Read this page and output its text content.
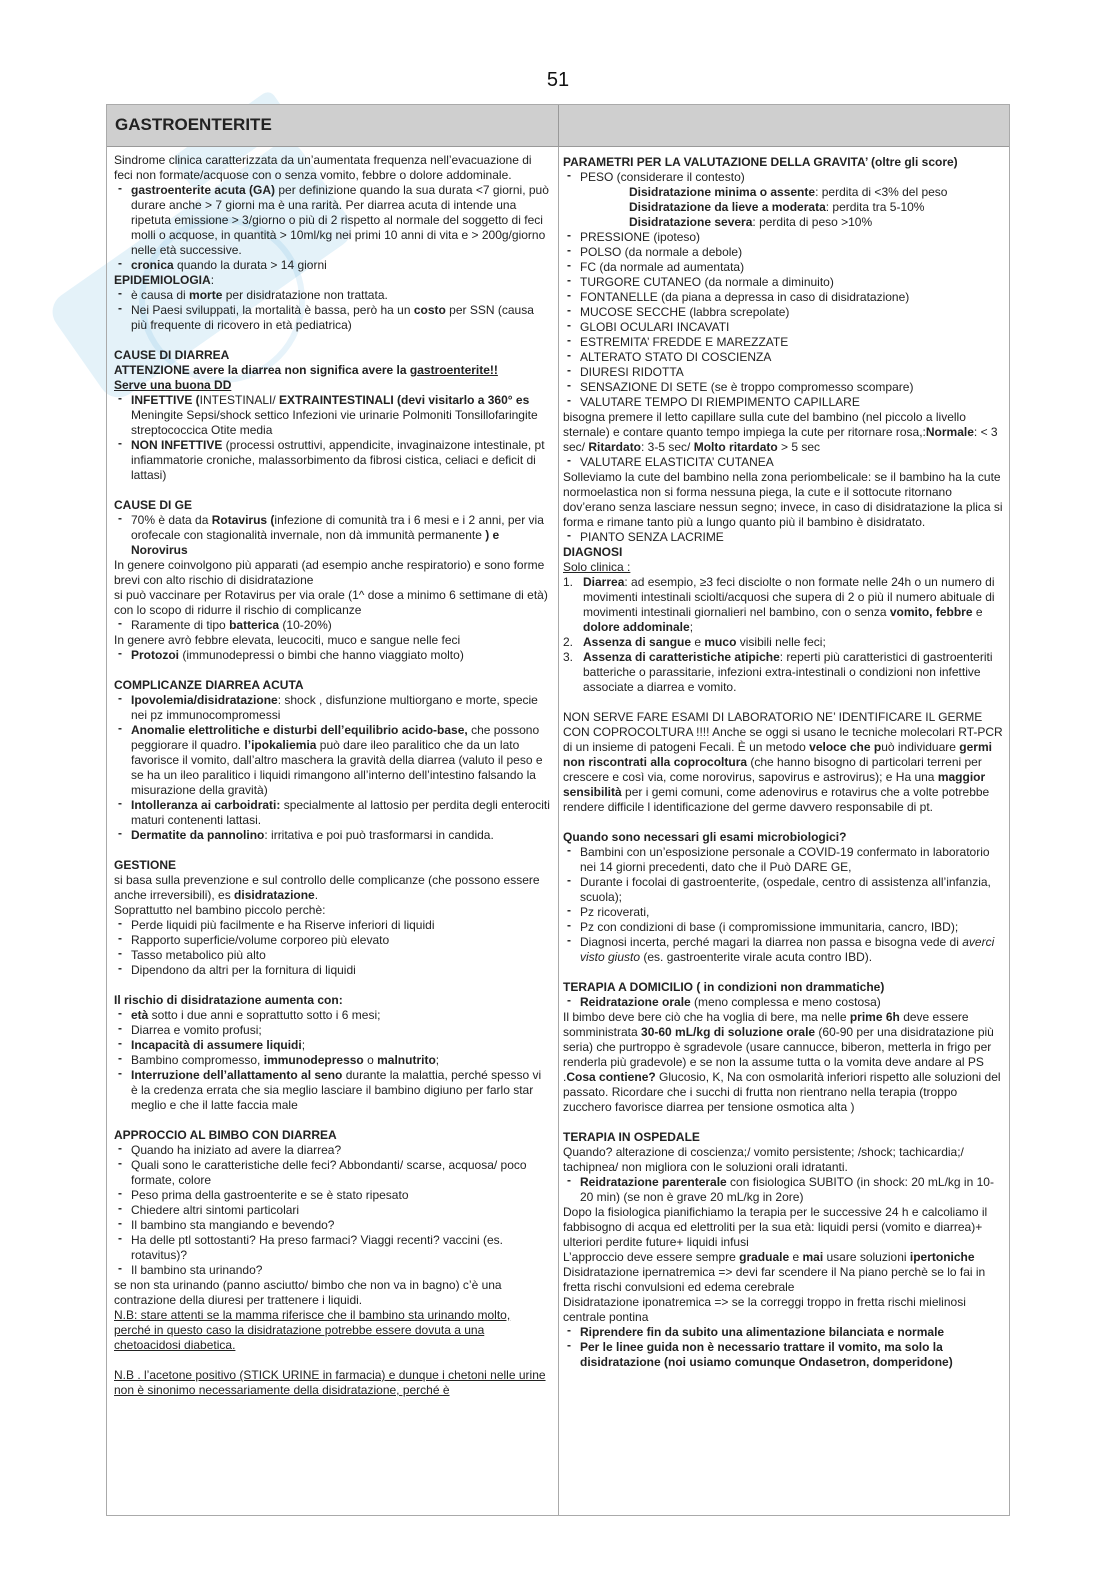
51
GASTROENTERITE

Sindrome clinica caratterizzata da un’aumentata frequenza nell’evacuazione di feci non formate/acquose con o senza vomito, febbre o dolore addominale.

- gastroenterite acuta (GA) per definizione quando la sua durata <7 giorni, può durare anche > 7 giorni ma è una rarità. Per diarrea acuta di intende una ripetuta emissione > 3/giorno o più di 2 rispetto al normale del soggetto di feci molli o acquose, in quantità > 10ml/kg nei primi 10 anni di vita e > 200g/giorno nelle età successive.
- cronica quando la durata > 14 giorni
EPIDEMIOLOGIA:
- è causa di morte per disidratazione non trattata.
- Nei Paesi sviluppati, la mortalità è bassa, però ha un costo per SSN (causa più frequente di ricovero in età pediatrica)
CAUSE DI DIARREA
ATTENZIONE avere la diarrea non significa avere la gastroenterite!!
Serve una buona DD
- INFETTIVE (INTESTINALI/ EXTRAINTESTINALI (devi visitarlo a 360° es Meningite Sepsi/shock settico Infezioni vie urinarie Polmoniti Tonsillofaringite streptococcica Otite media
- NON INFETTIVE (processi ostruttivi, appendicite, invaginaizone intestinale, pt infiammatorie croniche, malassorbimento da fibrosi cistica, celiaci e deficit di lattasi)
CAUSE DI GE
- 70% è data da Rotavirus (infezione di comunità tra i 6 mesi e i 2 anni, per via orofecale con stagionalità invernale, non dà immunità permanente ) e Norovirus

In genere coinvolgono più apparati (ad esempio anche respiratorio) e sono forme brevi con alto rischio di disidratazione

si può vaccinare per Rotavirus per via orale (1^ dose a minimo 6 settimane di età) con lo scopo di ridurre il rischio di complicanze

- Raramente di tipo batterica (10-20%)

In genere avrò febbre elevata, leucociti, muco e sangue nelle feci

- Protozoi (immunodepressi o bimbi che hanno viaggiato molto)
COMPLICANZE DIARREA ACUTA
- Ipovolemia/disidratazione: shock , disfunzione multiorgano e morte, specie nei pz immunocompromessi
- Anomalie elettrolitiche e disturbi dell’equilibrio acido-base, che possono peggiorare il quadro. l’ipokaliemia può dare ileo paralitico che da un lato favorisce il vomito, dall’altro maschera la gravità della diarrea (valuto il peso e se ha un ileo paralitico i liquidi rimangono all’interno dell’intestino falsando la misurazione della gravità)
- Intolleranza ai carboidrati: specialmente al lattosio per perdita degli enterociti maturi contenenti lattasi.
- Dermatite da pannolino: irritativa e poi può trasformarsi in candida.
GESTIONE

si basa sulla prevenzione e sul controllo delle complicanze (che possono essere anche irreversibili), es disidratazione.

Soprattutto nel bambino piccolo perchè:

- Perde liquidi più facilmente e ha Riserve inferiori di liquidi
- Rapporto superficie/volume corporeo più elevato
- Tasso metabolico più alto
- Dipendono da altri per la fornitura di liquidi
Il rischio di disidratazione aumenta con:
- età sotto i due anni e soprattutto sotto i 6 mesi;
- Diarrea e vomito profusi;
- Incapacità di assumere liquidi;
- Bambino compromesso, immunodepresso o malnutrito;
- Interruzione dell’allattamento al seno durante la malattia, perché spesso vi è la credenza errata che sia meglio lasciare il bambino digiuno per farlo star meglio e che il latte faccia male
APPROCCIO AL BIMBO CON DIARREA
- Quando ha iniziato ad avere la diarrea?
- Quali sono le caratteristiche delle feci? Abbondanti/ scarse, acquosa/ poco formate, colore
- Peso prima della gastroenterite e se è stato ripesato
- Chiedere altri sintomi particolari
- Il bambino sta mangiando e bevendo?
- Ha delle ptl sottostanti? Ha preso farmaci? Viaggi recenti? vaccini (es. rotavitus)?
- Il bambino sta urinando?

se non sta urinando (panno asciutto/ bimbo che non va in bagno) c’è una contrazione della diuresi per trattenere i liquidi.

N.B: stare attenti se la mamma riferisce che il bambino sta urinando molto, perché in questo caso la disidratazione potrebbe essere dovuta a una chetoacidosi diabetica.

N.B . l’acetone positivo (STICK URINE in farmacia) e dunque i chetoni nelle urine non è sinonimo necessariamente della disidratazione, perché è

PARAMETRI PER LA VALUTAZIONE DELLA GRAVITA’ (oltre gli score)
- PESO (considerare il contesto)
Disidratazione minima o assente: perdita di <3% del peso
Disidratazione da lieve a moderata: perdita tra 5-10%
Disidratazione severa: perdita di peso >10%
- PRESSIONE (ipoteso)
- POLSO (da normale a debole)
- FC (da normale ad aumentata)
- TURGORE CUTANEO (da normale a diminuito)
- FONTANELLE (da piana a depressa in caso di disidratazione)
- MUCOSE SECCHE (labbra screpolate)
- GLOBI OCULARI INCAVATI
- ESTREMITA’ FREDDE E MAREZZATE
- ALTERATO STATO DI COSCIENZA
- DIURESI RIDOTTA
- SENSAZIONE DI SETE (se è troppo compromesso scompare)
- VALUTARE TEMPO DI RIEMPIMENTO CAPILLARE

bisogna premere il letto capillare sulla cute del bambino (nel piccolo a livello sternale) e contare quanto tempo impiega la cute per ritornare rosa,:Normale: < 3 sec/ Ritardato: 3-5 sec/ Molto ritardato > 5 sec

- VALUTARE ELASTICITA’ CUTANEA

Solleviamo la cute del bambino nella zona periombelicale: se il bambino ha la cute normoelastica non si forma nessuna piega, la cute e il sottocute ritornano dov’erano senza lasciare nessun segno; invece, in caso di disidratazione la plica si forma e rimane tanto più a lungo quanto più il bambino è disidratato.

- PIANTO SENZA LACRIME
DIAGNOSI

Solo clinica :

1. Diarrea: ad esempio, ≥3 feci disciolte o non formate nelle 24h o un numero di movimenti intestinali sciolti/acquosi che supera di 2 o più il numero abituale di movimenti intestinali giornalieri nel bambino, con o senza vomito, febbre e dolore addominale;
2. Assenza di sangue e muco visibili nelle feci;
3. Assenza di caratteristiche atipiche: reperti più caratteristici di gastroenteriti batteriche o parassitarie, infezioni extra-intestinali o condizioni non infettive associate a diarrea e vomito.

NON SERVE FARE ESAMI DI LABORATORIO NE’ IDENTIFICARE IL GERME CON COPROCOLTURA !!!! Anche se oggi si usano le tecniche molecolari RT-PCR di un insieme di patogeni Fecali. È un metodo veloce che può individuare germi non riscontrati alla coprocoltura (che hanno bisogno di particolari terreni per crescere e così via, come norovirus, sapovirus e astrovirus); e Ha una maggior sensibilità per i gemi comuni, come adenovirus e rotavirus che a volte potrebbe rendere difficile l identificazione del germe davvero responsabile di pt.

Quando sono necessari gli esami microbiologici?
- Bambini con un’esposizione personale a COVID-19 confermato in laboratorio nei 14 giorni precedenti, dato che il Può DARE GE,
- Durante i focolai di gastroenterite, (ospedale, centro di assistenza all’infanzia, scuola);
- Pz ricoverati,
- Pz con condizioni di base (i compromissione immunitaria, cancro, IBD);
- Diagnosi incerta, perché magari la diarrea non passa e bisogna vede di averci visto giusto (es. gastroenterite virale acuta contro IBD).
TERAPIA A DOMICILIO ( in condizioni non drammatiche)
- Reidratazione orale (meno complessa e meno costosa)

Il bimbo deve bere ciò che ha voglia di bere, ma nelle prime 6h deve essere somministrata 30-60 mL/kg di soluzione orale (60-90 per una disidratazione più seria) che purtroppo è sgradevole (usare cannucce, biberon, metterla in frigo per renderla più gradevole) e se non la assume tutta o la vomita deve andare al PS .Cosa contiene? Glucosio, K, Na con osmolarità inferiori rispetto alle soluzioni del passato. Ricordare che i succhi di frutta non rientrano nella terapia (troppo zucchero favorisce diarrea per tensione osmotica alta )

TERAPIA IN OSPEDALE

Quando? alterazione di coscienza;/ vomito persistente; /shock; tachicardia;/ tachipnea/ non migliora con le soluzioni orali idratanti.

- Reidratazione parenterale con fisiologica SUBITO (in shock: 20 mL/kg in 10-20 min) (se non è grave 20 mL/kg in 2ore)

Dopo la fisiologica pianifichiamo la terapia per le successive 24 h e calcoliamo il fabbisogno di acqua ed elettroliti per la sua età: liquidi persi (vomito e diarrea)+ ulteriori perdite future+ liquidi infusi

L’approccio deve essere sempre graduale e mai usare soluzioni ipertoniche

Disidratazione ipernatremica => devi far scendere il Na piano perchè se lo fai in fretta rischi convulsioni ed edema cerebrale

Disidratazione iponatremica => se la correggi troppo in fretta rischi mielinosi centrale pontina

- Riprendere fin da subito una alimentazione bilanciata e normale
- Per le linee guida non è necessario trattare il vomito, ma solo la disidratazione (noi usiamo comunque Ondasetron, domperidone)
